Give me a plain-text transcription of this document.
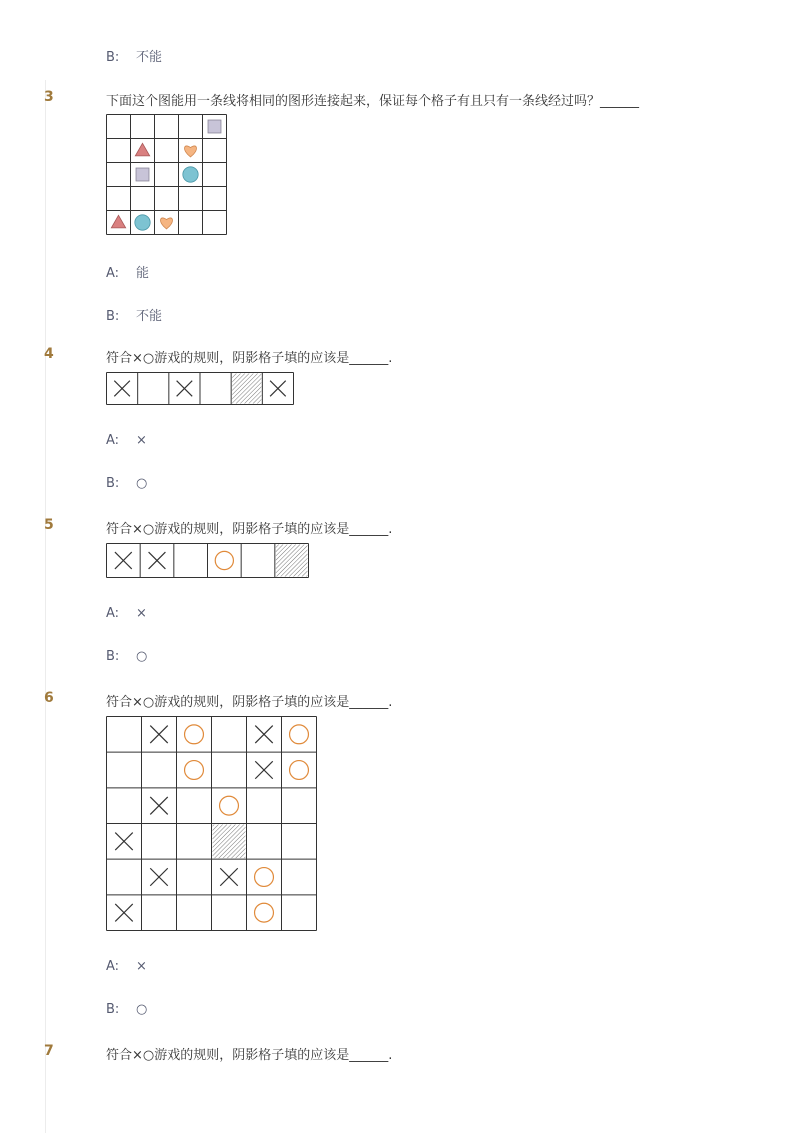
B: 不能
3	下面这个图能用一条线将相同的图形连接起来，保证每个格子有且只有一条线经过吗？______
A: 能
B: 不能
4	符合×○游戏的规则，阴影格子填的应该是______.
A: ×
B: ○
5	符合×○游戏的规则，阴影格子填的应该是______.
A: ×
B: ○
6	符合×○游戏的规则，阴影格子填的应该是______.
A: ×
B: ○
7	符合×○游戏的规则，阴影格子填的应该是______.
